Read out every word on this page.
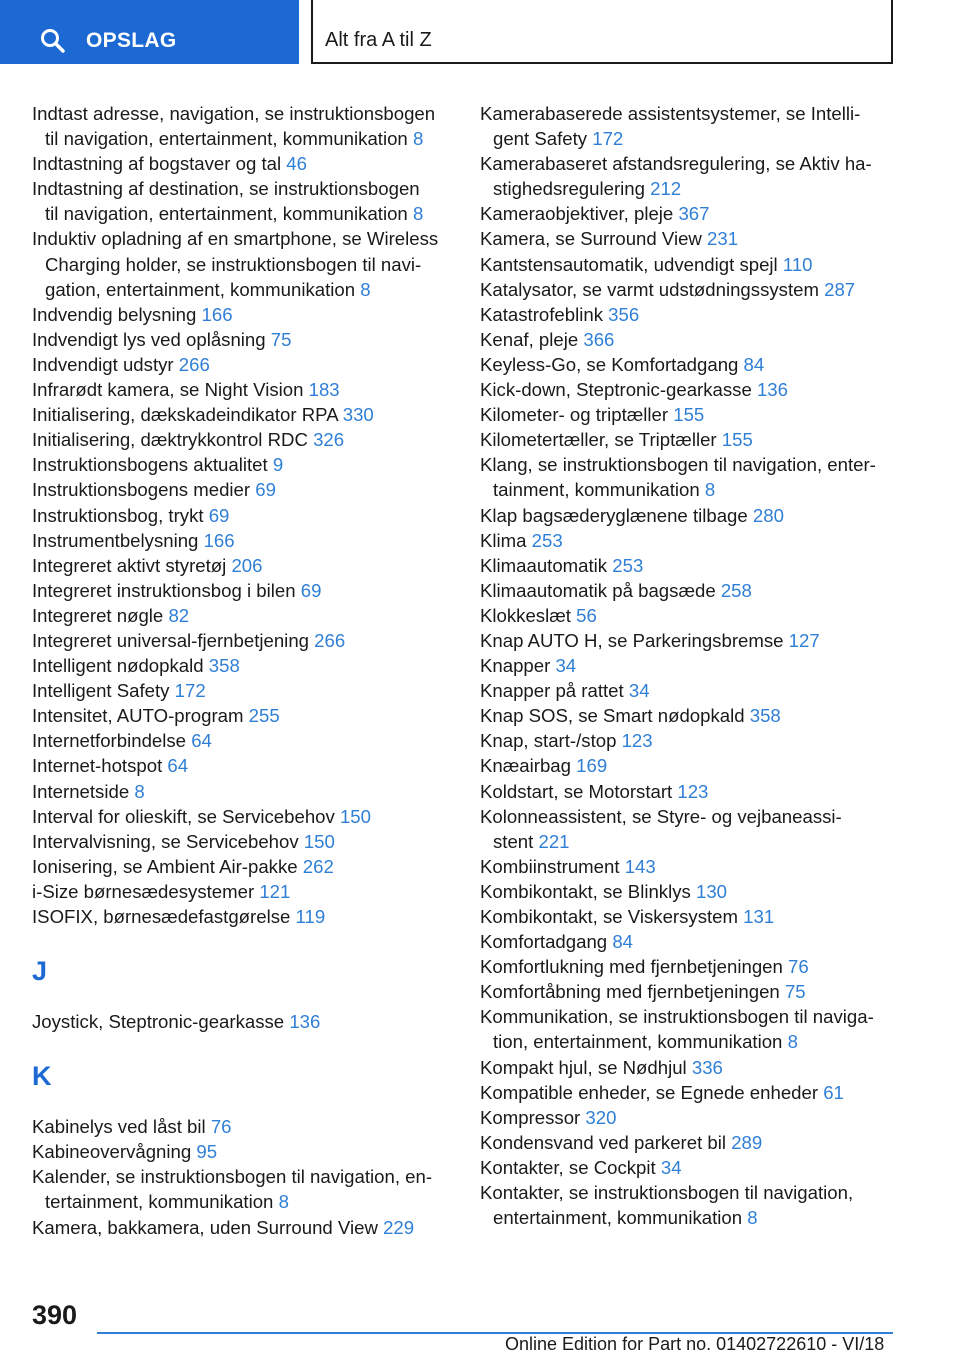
OPSLAG	Alt fra A til Z
Indtast adresse, navigation, se instruktionsbogen
til navigation, entertainment, kommunikation 8
Indtastning af bogstaver og tal 46
Indtastning af destination, se instruktionsbogen
til navigation, entertainment, kommunikation 8
Induktiv opladning af en smartphone, se Wireless
Charging holder, se instruktionsbogen til navi-
gation, entertainment, kommunikation 8
Indvendig belysning 166
Indvendigt lys ved oplåsning 75
Indvendigt udstyr 266
Infrarødt kamera, se Night Vision 183
Initialisering, dækskadeindikator RPA 330
Initialisering, dæktrykkontrol RDC 326
Instruktionsbogens aktualitet 9
Instruktionsbogens medier 69
Instruktionsbog, trykt 69
Instrumentbelysning 166
Integreret aktivt styretøj 206
Integreret instruktionsbog i bilen 69
Integreret nøgle 82
Integreret universal-fjernbetjening 266
Intelligent nødopkald 358
Intelligent Safety 172
Intensitet, AUTO-program 255
Internetforbindelse 64
Internet-hotspot 64
Internetside 8
Interval for olieskift, se Servicebehov 150
Intervalvisning, se Servicebehov 150
Ionisering, se Ambient Air-pakke 262
i-Size børnesædesystemer 121
ISOFIX, børnesædefastgørelse 119
J
Joystick, Steptronic-gearkasse 136
K
Kabinelys ved låst bil 76
Kabineovervågning 95
Kalender, se instruktionsbogen til navigation, en-
tertainment, kommunikation 8
Kamera, bakkamera, uden Surround View 229
Kamerabaserede assistentsystemer, se Intelli-
gent Safety 172
Kamerabaseret afstandsregulering, se Aktiv ha-
stighedsregulering 212
Kameraobjektiver, pleje 367
Kamera, se Surround View 231
Kantstensautomatik, udvendigt spejl 110
Katalysator, se varmt udstødningssystem 287
Katastrofeblink 356
Kenaf, pleje 366
Keyless-Go, se Komfortadgang 84
Kick-down, Steptronic-gearkasse 136
Kilometer- og triptæller 155
Kilometertæller, se Triptæller 155
Klang, se instruktionsbogen til navigation, enter-
tainment, kommunikation 8
Klap bagsæderyglænene tilbage 280
Klima 253
Klimaautomatik 253
Klimaautomatik på bagsæde 258
Klokkeslæt 56
Knap AUTO H, se Parkeringsbremse 127
Knapper 34
Knapper på rattet 34
Knap SOS, se Smart nødopkald 358
Knap, start-/stop 123
Knæairbag 169
Koldstart, se Motorstart 123
Kolonneassistent, se Styre- og vejbaneassi-
stent 221
Kombiinstrument 143
Kombikontakt, se Blinklys 130
Kombikontakt, se Viskersystem 131
Komfortadgang 84
Komfortlukning med fjernbetjeningen 76
Komfortåbning med fjernbetjeningen 75
Kommunikation, se instruktionsbogen til naviga-
tion, entertainment, kommunikation 8
Kompakt hjul, se Nødhjul 336
Kompatible enheder, se Egnede enheder 61
Kompressor 320
Kondensvand ved parkeret bil 289
Kontakter, se Cockpit 34
Kontakter, se instruktionsbogen til navigation,
entertainment, kommunikation 8
390
Online Edition for Part no. 01402722610 - VI/18
